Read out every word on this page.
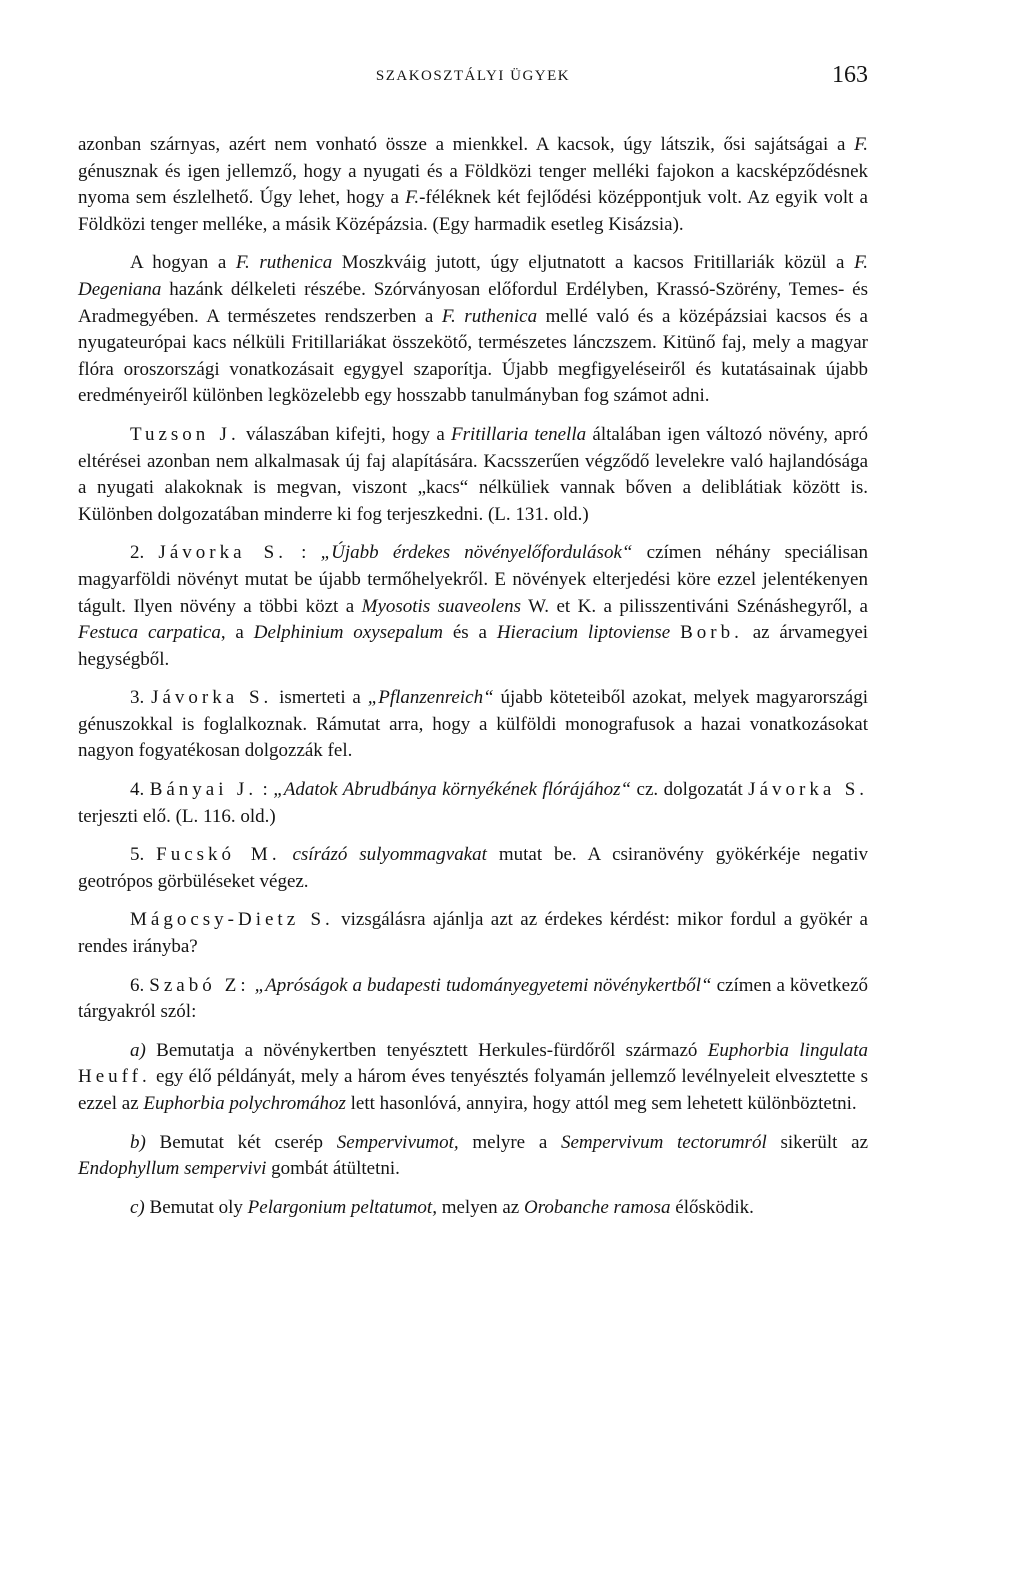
SZAKOSZTÁLYI ÜGYEK	163

azonban szárnyas, azért nem vonható össze a mienkkel. A kacsok, úgy látszik, ősi sajátságai a F. génusznak és igen jellemző, hogy a nyugati és a Földközi tenger melléki fajokon a kacsképződésnek nyoma sem észlelhető. Úgy lehet, hogy a F.-féléknek két fejlődési középpontjuk volt. Az egyik volt a Földközi tenger melléke, a másik Középázsia. (Egy harmadik esetleg Kisázsia).

A hogyan a F. ruthenica Moszkváig jutott, úgy eljutnatott a kacsos Fritillariák közül a F. Degeniana hazánk délkeleti részébe. Szórványosan előfordul Erdélyben, Krassó-Szörény, Temes- és Aradmegyében. A természetes rendszerben a F. ruthenica mellé való és a középázsiai kacsos és a nyugateurópai kacs nélküli Fritillariákat összekötő, természetes lánczszem. Kitünő faj, mely a magyar flóra oroszországi vonatkozásait egygyel szaporítja. Újabb megfigyeléseiről és kutatásainak újabb eredményeiről különben legközelebb egy hosszabb tanulmányban fog számot adni.

Tuzson J. válaszában kifejti, hogy a Fritillaria tenella általában igen változó növény, apró eltérései azonban nem alkalmasak új faj alapítására. Kacsszerűen végződő levelekre való hajlandósága a nyugati alakoknak is megvan, viszont „kacs“ nélküliek vannak bőven a deliblátiak között is. Különben dolgozatában minderre ki fog terjeszkedni. (L. 131. old.)

2. Jávorka S. : „Újabb érdekes növényelőfordulások“ czímen néhány speciálisan magyarföldi növényt mutat be újabb termőhelyekről. E növények elterjedési köre ezzel jelentékenyen tágult. Ilyen növény a többi közt a Myosotis suaveolens W. et K. a pilisszentiváni Szénáshegyről, a Festuca carpatica, a Delphinium oxysepalum és a Hieracium liptoviense Borb. az árvamegyei hegységből.

3. Jávorka S. ismerteti a „Pflanzenreich“ újabb köteteiből azokat, melyek magyarországi génuszokkal is foglalkoznak. Rámutat arra, hogy a külföldi monografusok a hazai vonatkozásokat nagyon fogyatékosan dolgozzák fel.

4. Bányai J. : „Adatok Abrudbánya környékének flórájához“ cz. dolgozatát Jávorka S. terjeszti elő. (L. 116. old.)

5. Fucskó M. csírázó sulyommagvakat mutat be. A csiranövény gyökérkéje negativ geotrópos görbüléseket végez.

Mágocsy-Dietz S. vizsgálásra ajánlja azt az érdekes kérdést: mikor fordul a gyökér a rendes irányba?

6. Szabó Z: „Apróságok a budapesti tudományegyetemi növénykertből“ czímen a következő tárgyakról szól:

a) Bemutatja a növénykertben tenyésztett Herkules-fürdőről származó Euphorbia lingulata Heuff. egy élő példányát, mely a három éves tenyésztés folyamán jellemző levélnyeleit elvesztette s ezzel az Euphorbia polychromához lett hasonlóvá, annyira, hogy attól meg sem lehetett különböztetni.

b) Bemutat két cserép Sempervivumot, melyre a Sempervivum tectorumról sikerült az Endophyllum sempervivi gombát átültetni.

c) Bemutat oly Pelargonium peltatumot, melyen az Orobanche ramosa élősködik.
